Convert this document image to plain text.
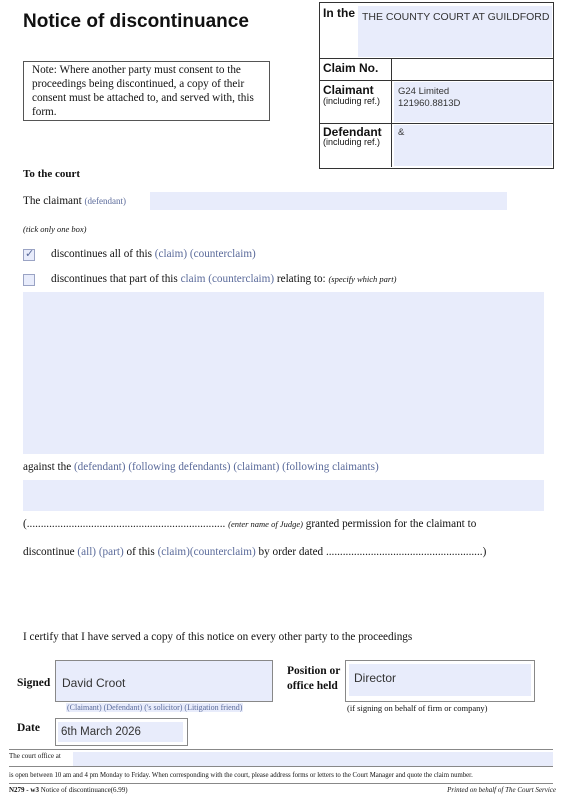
Notice of discontinuance
Note: Where another party must consent to the proceedings being discontinued, a copy of their consent must be attached to, and served with, this form.
In the THE COUNTY COURT AT GUILDFORD
Claim No.
Claimant
(including ref.)
G24 Limited
121960.8813D
Defendant
(including ref.)
&
To the court
The claimant (defendant)
(tick only one box)
✓ discontinues all of this (claim) (counterclaim)
discontinues that part of this claim (counterclaim) relating to: (specify which part)
against the (defendant) (following defendants) (claimant) (following claimants)
(....................................................................... (enter name of Judge) granted permission for the claimant to
discontinue (all) (part) of this (claim)(counterclaim) by order dated ........................................................)
I certify that I have served a copy of this notice on every other party to the proceedings
Signed David Croot
(Claimant) (Defendant) ('s solicitor) (Litigation friend)
Position or
office held
Director
(if signing on behalf of firm or company)
Date 6th March 2026
The court office at
is open between 10 am and 4 pm Monday to Friday. When corresponding with the court, please address forms or letters to the Court Manager and quote the claim number.
N279 - w3 Notice of discontinuance(6.99)	Printed on behalf of The Court Service
